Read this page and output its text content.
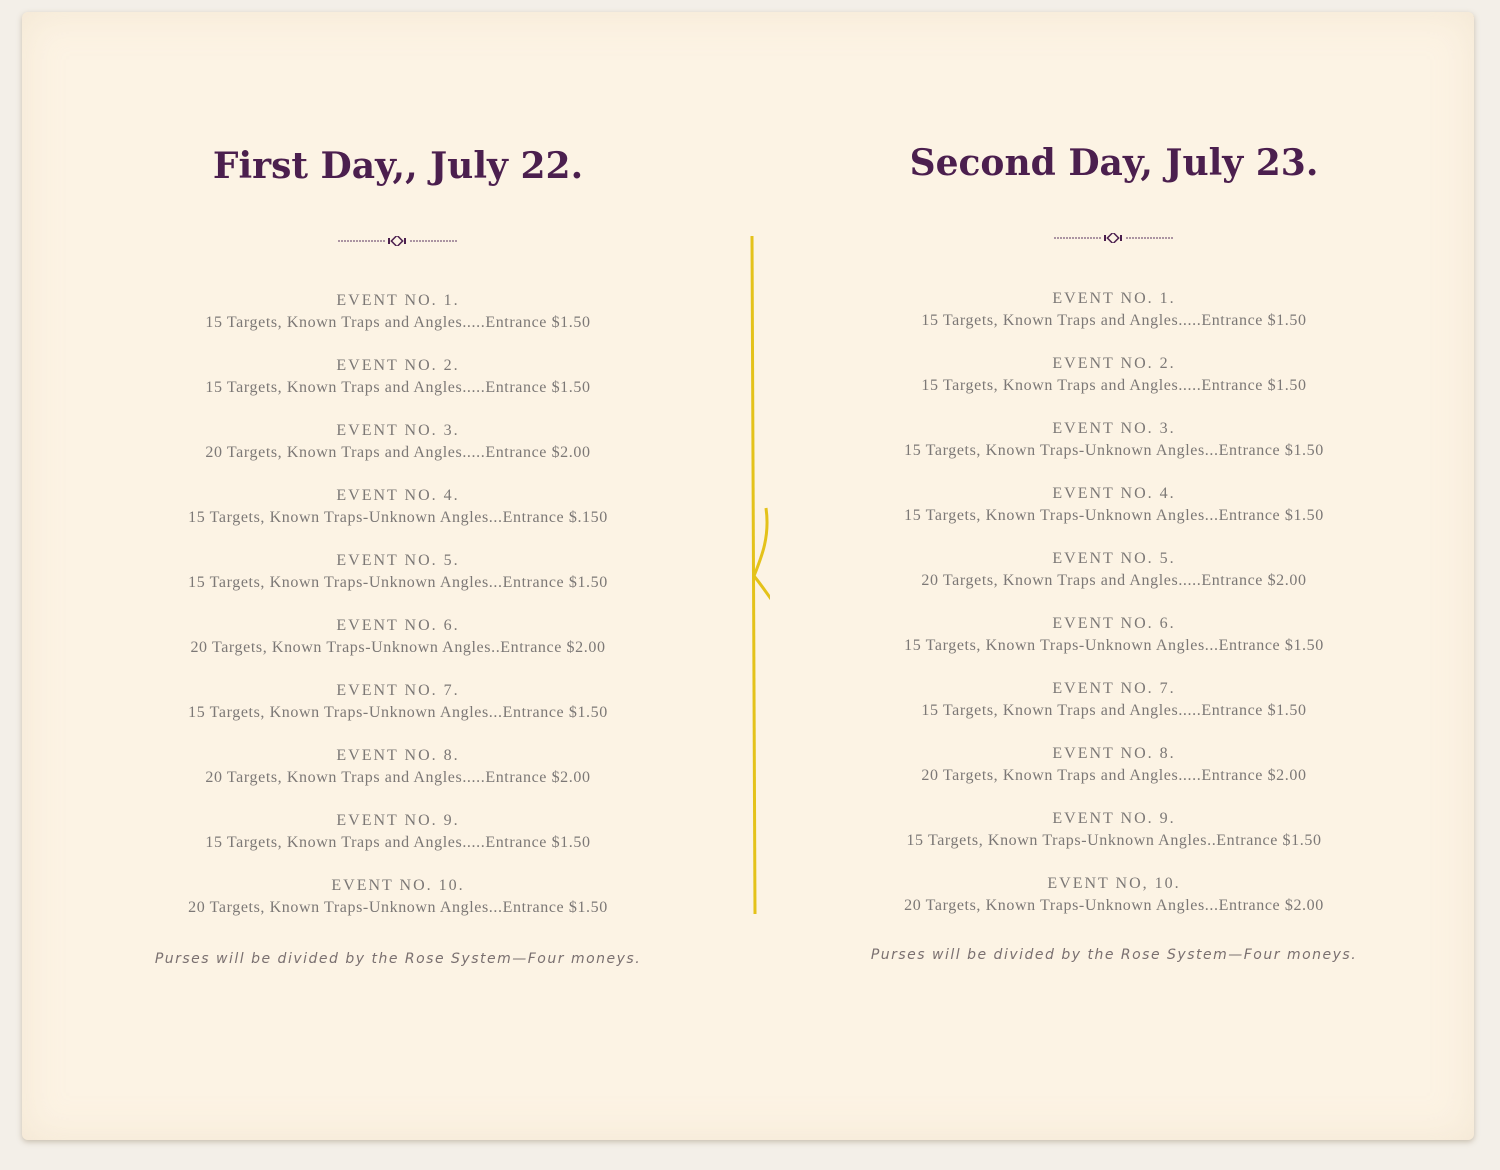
First Day,, July 22.
EVENT NO. 1.
15 Targets, Known Traps and Angles.....Entrance $1.50
EVENT NO. 2.
15 Targets, Known Traps and Angles.....Entrance $1.50
EVENT NO. 3.
20 Targets, Known Traps and Angles.....Entrance $2.00
EVENT NO. 4.
15 Targets, Known Traps-Unknown Angles...Entrance $.150
EVENT NO. 5.
15 Targets, Known Traps-Unknown Angles...Entrance $1.50
EVENT NO. 6.
20 Targets, Known Traps-Unknown Angles..Entrance $2.00
EVENT NO. 7.
15 Targets, Known Traps-Unknown Angles...Entrance $1.50
EVENT NO. 8.
20 Targets, Known Traps and Angles.....Entrance $2.00
EVENT NO. 9.
15 Targets, Known Traps and Angles.....Entrance $1.50
EVENT NO. 10.
20 Targets, Known Traps-Unknown Angles...Entrance $1.50
Purses will be divided by the Rose System—Four moneys.
Second Day, July 23.
EVENT NO. 1.
15 Targets, Known Traps and Angles.....Entrance $1.50
EVENT NO. 2.
15 Targets, Known Traps and Angles.....Entrance $1.50
EVENT NO. 3.
15 Targets, Known Traps-Unknown Angles...Entrance $1.50
EVENT NO. 4.
15 Targets, Known Traps-Unknown Angles...Entrance $1.50
EVENT NO. 5.
20 Targets, Known Traps and Angles.....Entrance $2.00
EVENT NO. 6.
15 Targets, Known Traps-Unknown Angles...Entrance $1.50
EVENT NO. 7.
15 Targets, Known Traps and Angles.....Entrance $1.50
EVENT NO. 8.
20 Targets, Known Traps and Angles.....Entrance $2.00
EVENT NO. 9.
15 Targets, Known Traps-Unknown Angles..Entrance $1.50
EVENT NO, 10.
20 Targets, Known Traps-Unknown Angles...Entrance $2.00
Purses will be divided by the Rose System—Four moneys.
